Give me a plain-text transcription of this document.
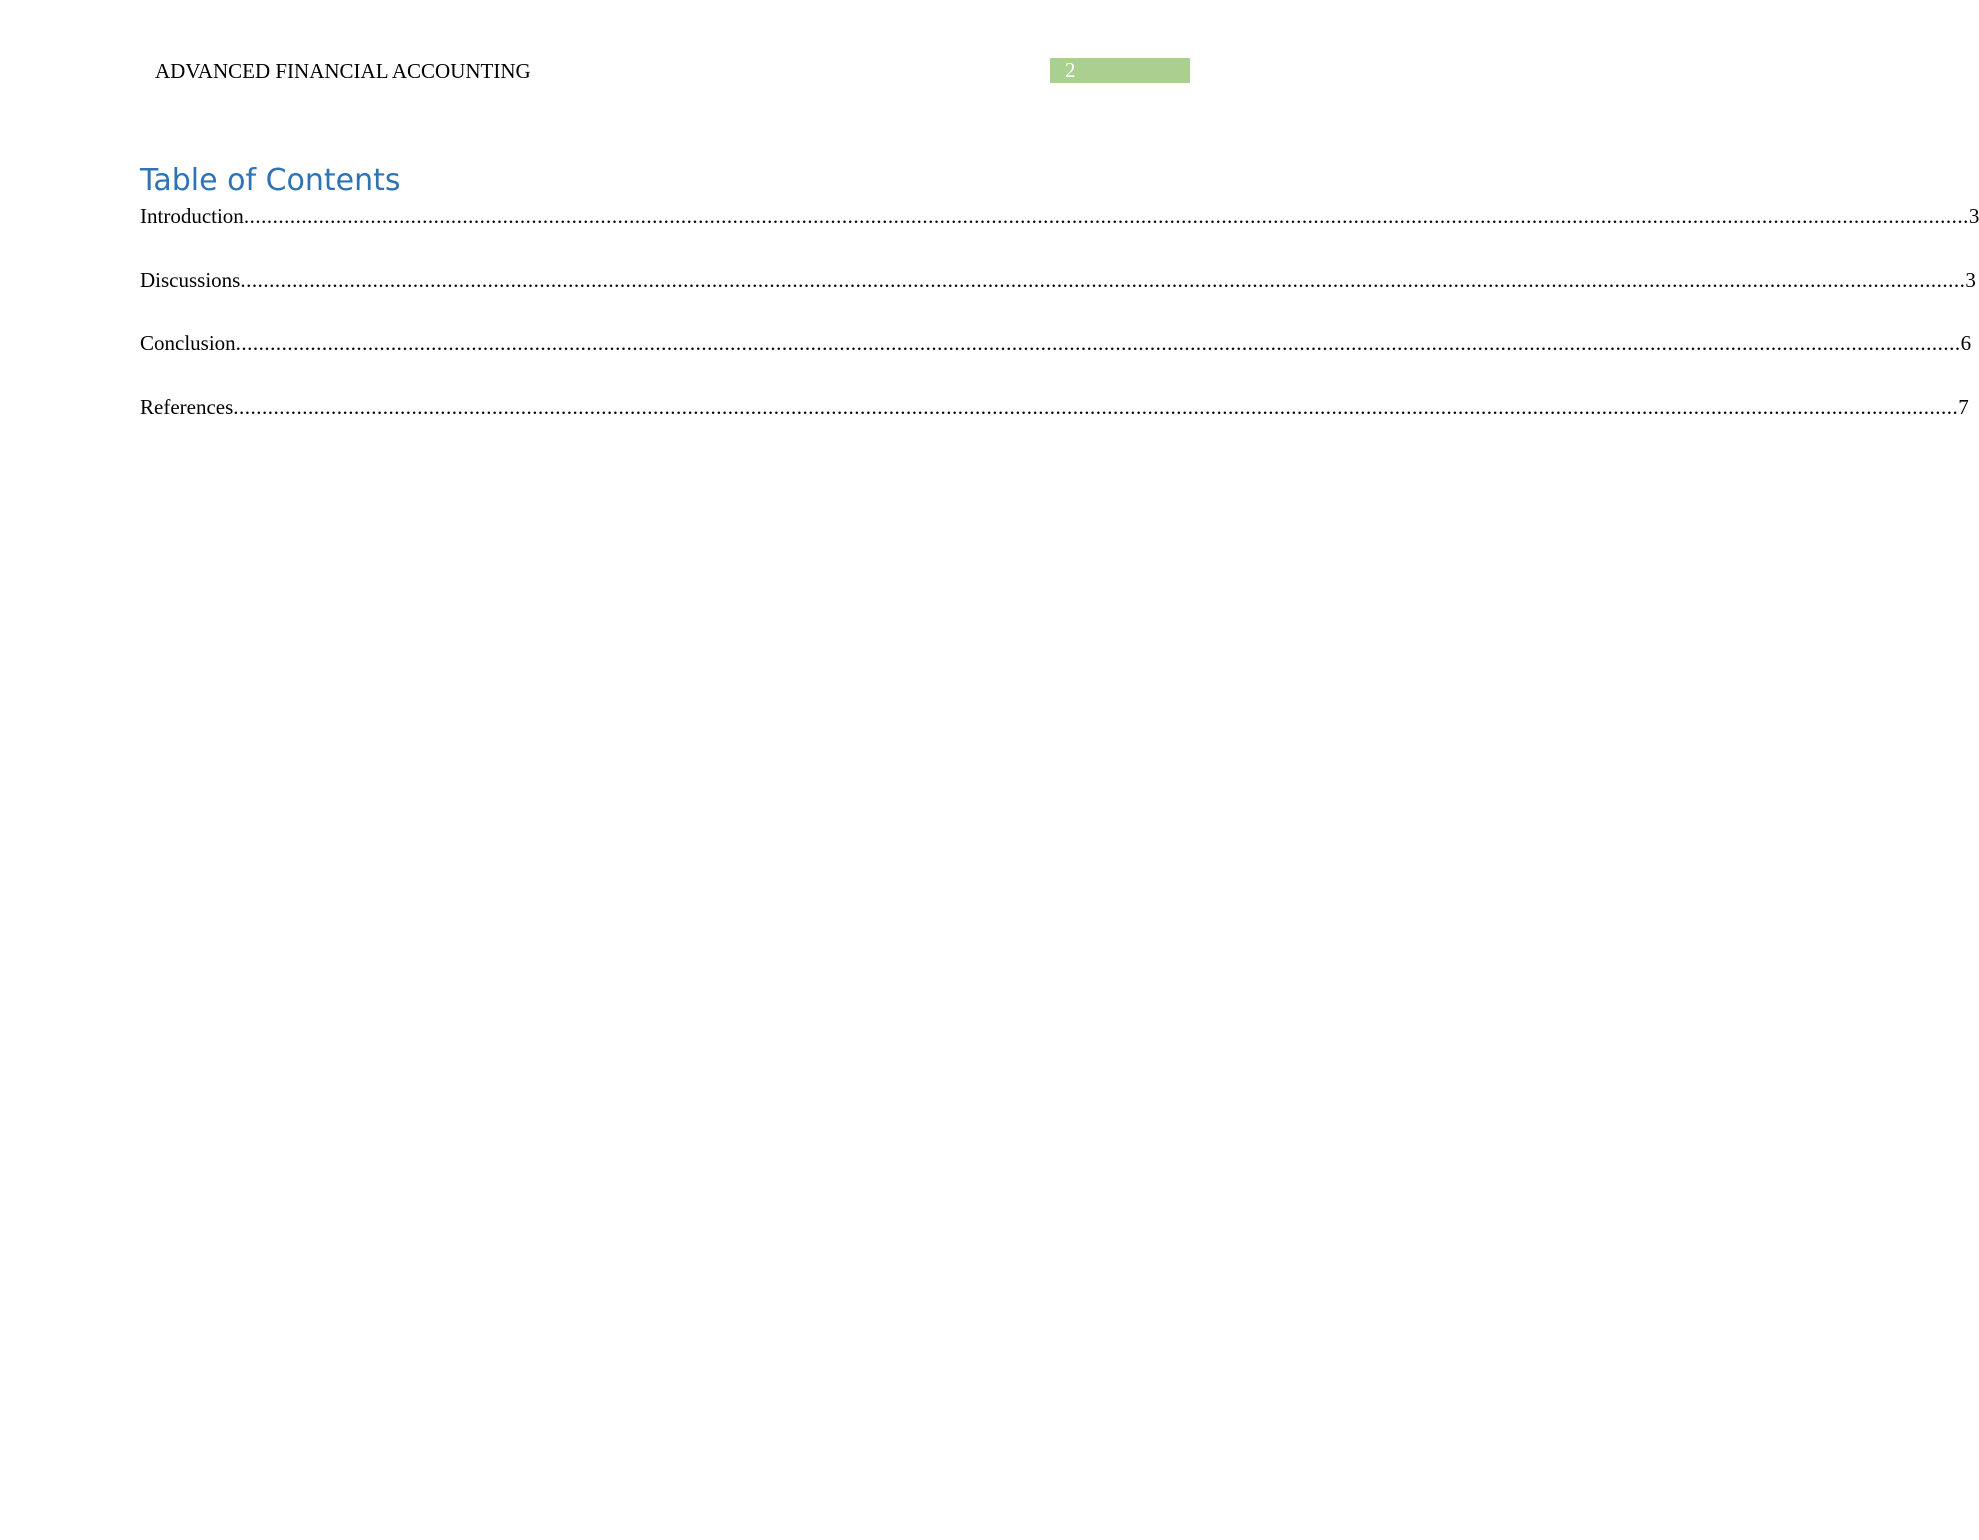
ADVANCED FINANCIAL ACCOUNTING	2
Table of Contents
Introduction ............................................................................................................................................................................................................................................................................................................ 3
Discussions ............................................................................................................................................................................................................................................................................................................ 3
Conclusion ............................................................................................................................................................................................................................................................................................................ 6
References ............................................................................................................................................................................................................................................................................................................ 7
